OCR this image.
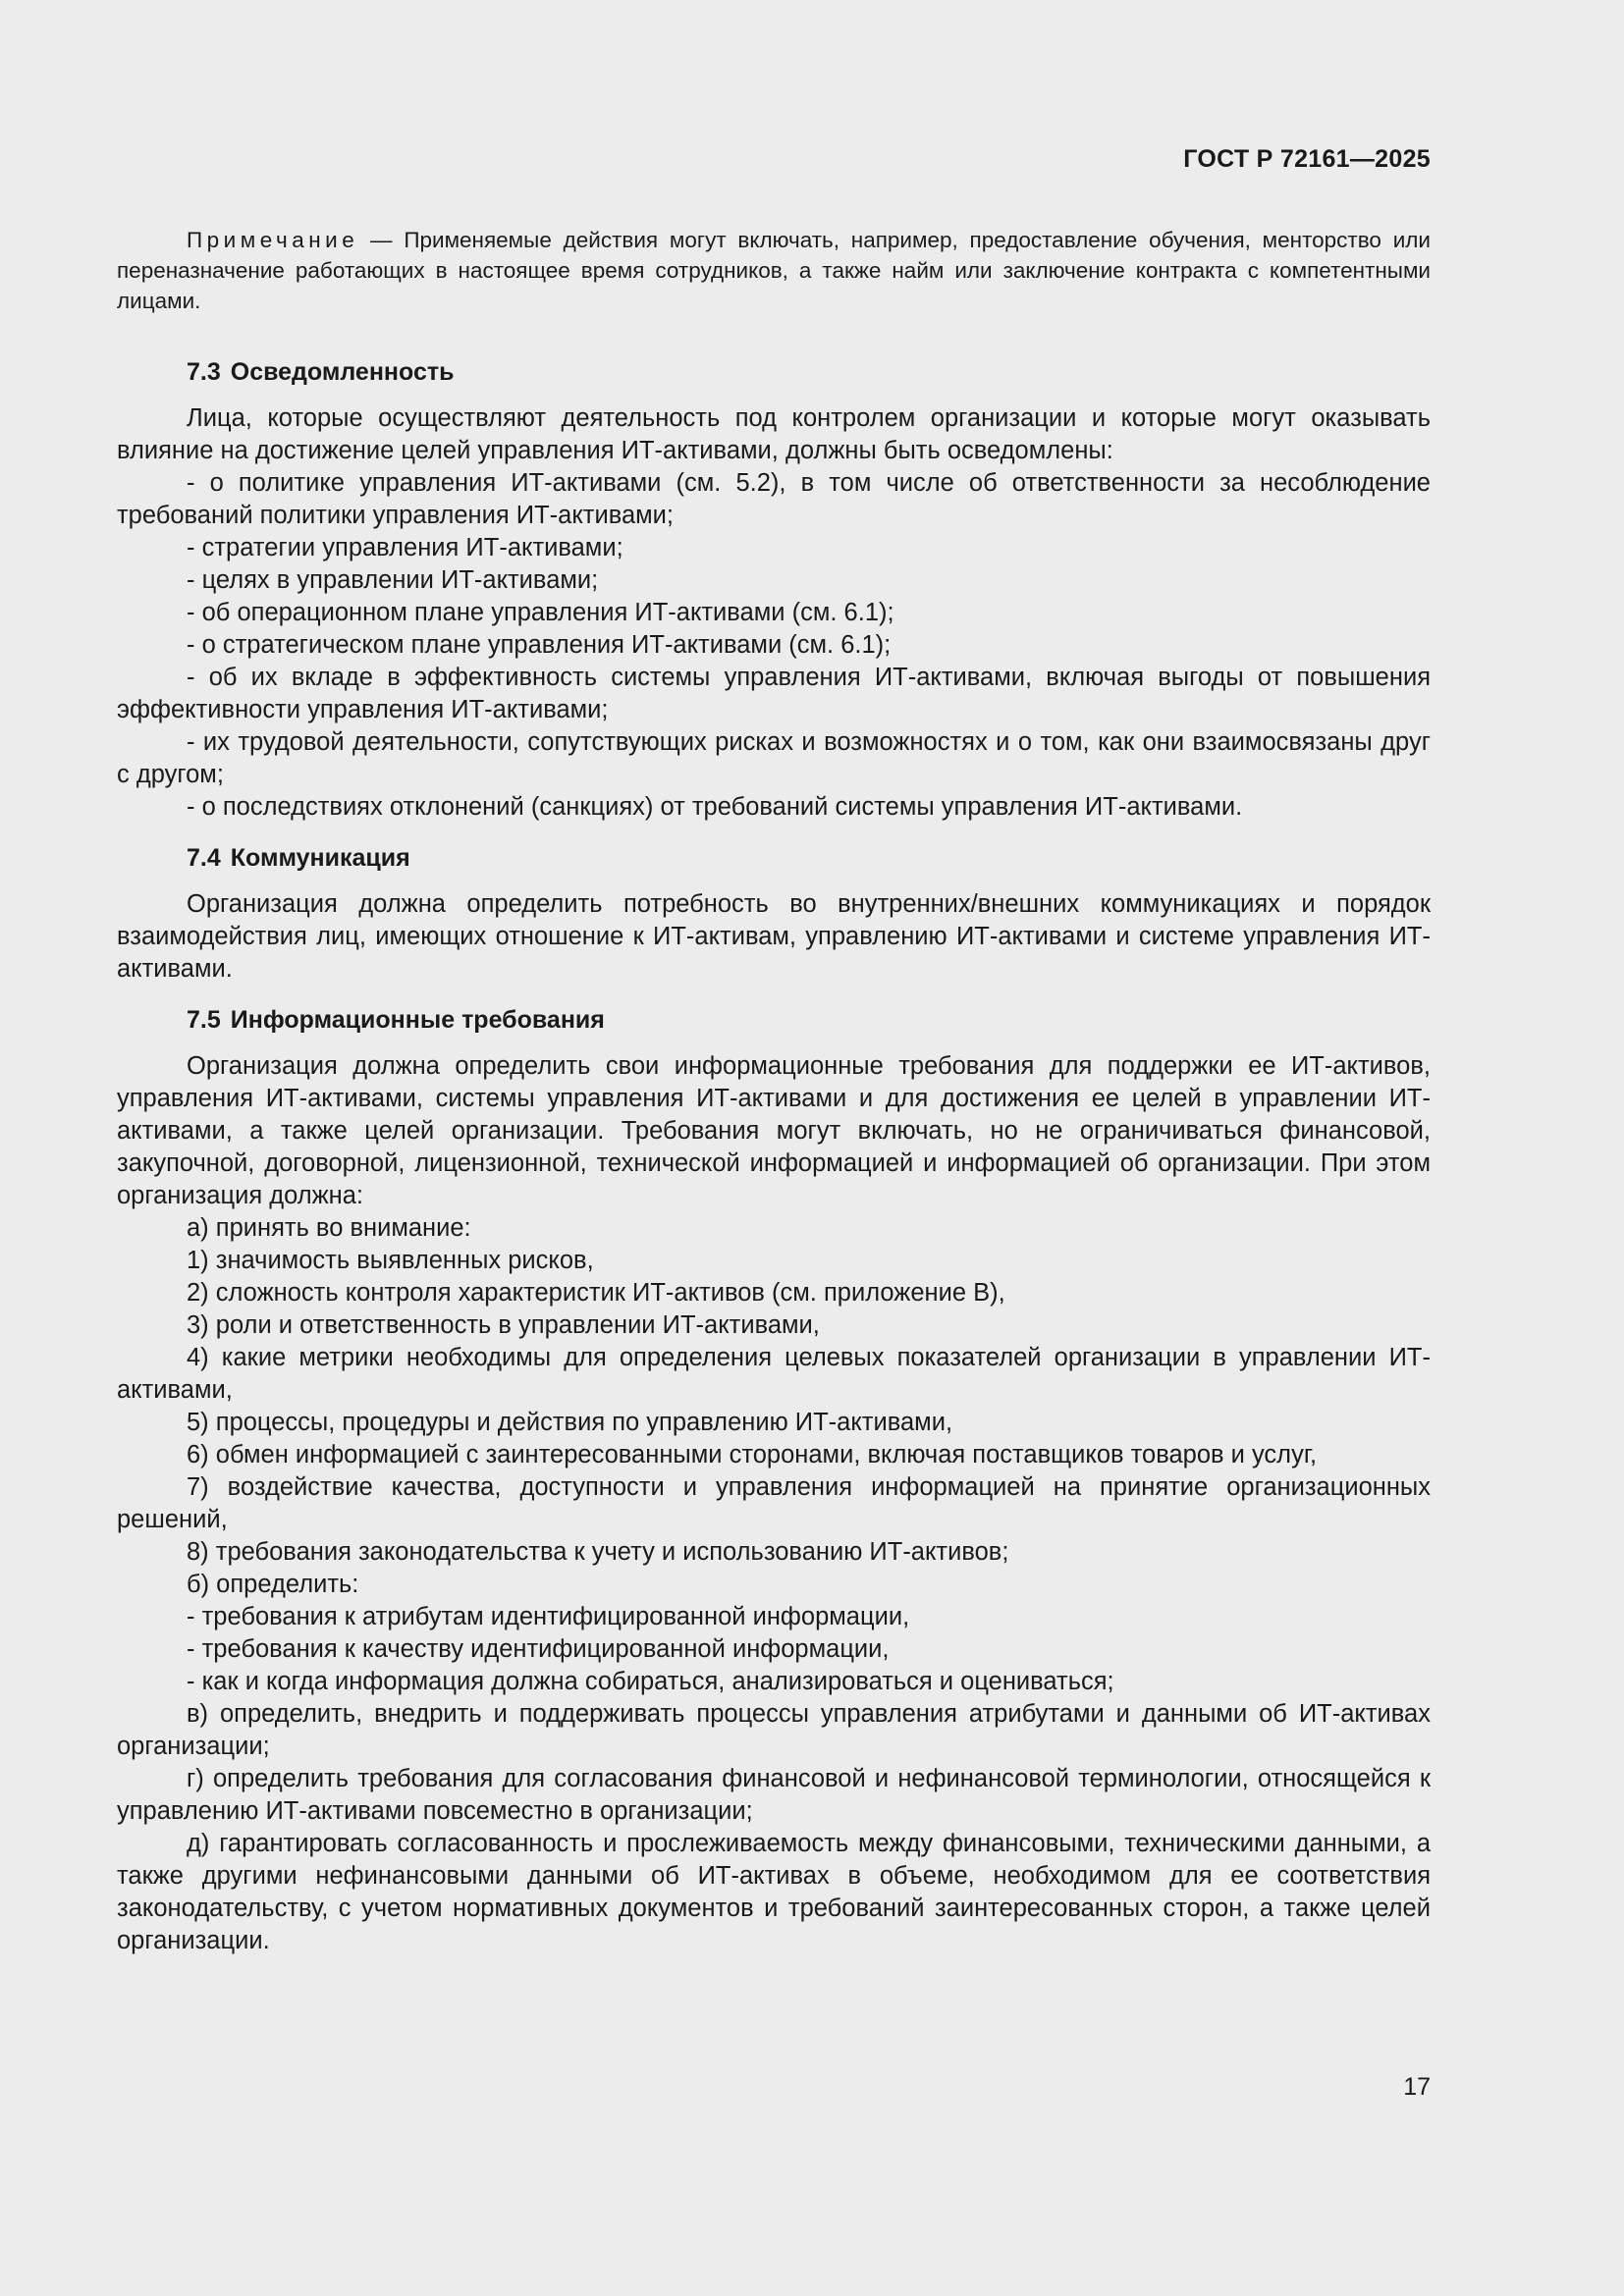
ГОСТ Р 72161—2025

Примечание — Применяемые действия могут включать, например, предоставление обучения, менторство или переназначение работающих в настоящее время сотрудников, а также найм или заключение контракта с компетентными лицами.

7.3 Осведомленность

Лица, которые осуществляют деятельность под контролем организации и которые могут оказывать влияние на достижение целей управления ИТ-активами, должны быть осведомлены:

- о политике управления ИТ-активами (см. 5.2), в том числе об ответственности за несоблюдение требований политики управления ИТ-активами;

- стратегии управления ИТ-активами;

- целях в управлении ИТ-активами;

- об операционном плане управления ИТ-активами (см. 6.1);

- о стратегическом плане управления ИТ-активами (см. 6.1);

- об их вкладе в эффективность системы управления ИТ-активами, включая выгоды от повышения эффективности управления ИТ-активами;

- их трудовой деятельности, сопутствующих рисках и возможностях и о том, как они взаимосвязаны друг с другом;

- о последствиях отклонений (санкциях) от требований системы управления ИТ-активами.

7.4 Коммуникация

Организация должна определить потребность во внутренних/внешних коммуникациях и порядок взаимодействия лиц, имеющих отношение к ИТ-активам, управлению ИТ-активами и системе управления ИТ-активами.

7.5 Информационные требования

Организация должна определить свои информационные требования для поддержки ее ИТ-активов, управления ИТ-активами, системы управления ИТ-активами и для достижения ее целей в управлении ИТ-активами, а также целей организации. Требования могут включать, но не ограничиваться финансовой, закупочной, договорной, лицензионной, технической информацией и информацией об организации. При этом организация должна:

а) принять во внимание:

1) значимость выявленных рисков,

2) сложность контроля характеристик ИТ-активов (см. приложение В),

3) роли и ответственность в управлении ИТ-активами,

4) какие метрики необходимы для определения целевых показателей организации в управлении ИТ-активами,

5) процессы, процедуры и действия по управлению ИТ-активами,

6) обмен информацией с заинтересованными сторонами, включая поставщиков товаров и услуг,

7) воздействие качества, доступности и управления информацией на принятие организационных решений,

8) требования законодательства к учету и использованию ИТ-активов;

б) определить:

- требования к атрибутам идентифицированной информации,

- требования к качеству идентифицированной информации,

- как и когда информация должна собираться, анализироваться и оцениваться;

в) определить, внедрить и поддерживать процессы управления атрибутами и данными об ИТ-активах организации;

г) определить требования для согласования финансовой и нефинансовой терминологии, относящейся к управлению ИТ-активами повсеместно в организации;

д) гарантировать согласованность и прослеживаемость между финансовыми, техническими данными, а также другими нефинансовыми данными об ИТ-активах в объеме, необходимом для ее соответствия законодательству, с учетом нормативных документов и требований заинтересованных сторон, а также целей организации.

17
